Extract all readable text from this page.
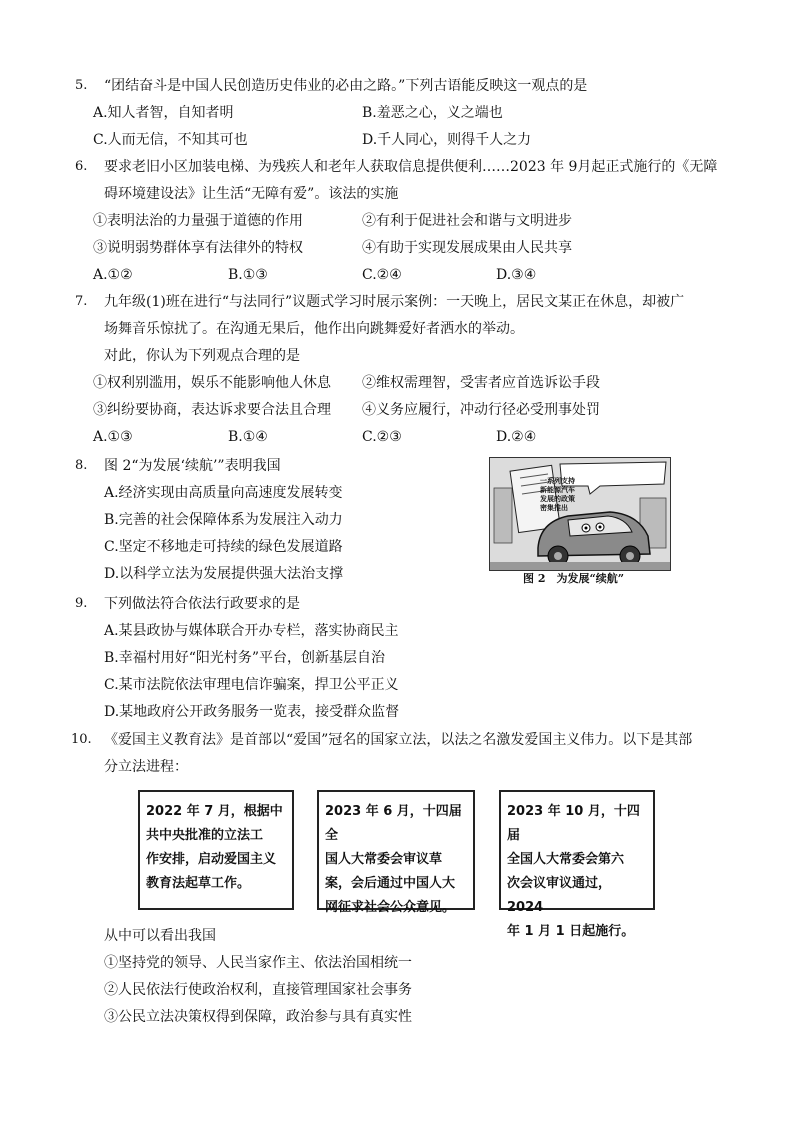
5. “团结奋斗是中国人民创造历史伟业的必由之路。”下列古语能反映这一观点的是
A.知人者智，自知者明	B.羞恶之心，义之端也
C.人而无信，不知其可也	D.千人同心，则得千人之力
6. 要求老旧小区加装电梯、为残疾人和老年人获取信息提供便利……2023 年 9月起正式施行的《无障
碍环境建设法》让生活“无障有爱”。该法的实施
①表明法治的力量强于道德的作用	②有利于促进社会和谐与文明进步
③说明弱势群体享有法律外的特权	④有助于实现发展成果由人民共享
A.①②	B.①③	C.②④	D.③④
7. 九年级(1)班在进行“与法同行”议题式学习时展示案例：一天晚上，居民文某正在休息，却被广
场舞音乐惊扰了。在沟通无果后，他作出向跳舞爱好者洒水的举动。
对此，你认为下列观点合理的是
①权利别滥用，娱乐不能影响他人休息 ②维权需理智，受害者应首选诉讼手段
③纠纷要协商，表达诉求要合法且合理 ④义务应履行，冲动行径必受刑事处罚
A.①③	B.①④	C.②③	D.②④
8. 图 2“为发展‘续航’”表明我国
A.经济实现由高质量向高速度发展转变
B.完善的社会保障体系为发展注入动力
C.坚定不移地走可持续的绿色发展道路
D.以科学立法为发展提供强大法治支撑
一系列支持新能源汽车发展的政策密集推出
图 2　为发展“续航”
9. 下列做法符合依法行政要求的是
A.某县政协与媒体联合开办专栏，落实协商民主
B.幸福村用好“阳光村务”平台，创新基层自治
C.某市法院依法审理电信诈骗案，捍卫公平正义
D.某地政府公开政务服务一览表，接受群众监督
10. 《爱国主义教育法》是首部以“爱国”冠名的国家立法，以法之名激发爱国主义伟力。以下是其部
分立法进程：
2022 年 7 月，根据中
共中央批准的立法工
作安排，启动爱国主义
教育法起草工作。
2023 年 6 月，十四届全
国人大常委会审议草
案，会后通过中国人大
网征求社会公众意见。
2023 年 10 月，十四届
全国人大常委会第六
次会议审议通过，2024
年 1 月 1 日起施行。
从中可以看出我国
①坚持党的领导、人民当家作主、依法治国相统一
②人民依法行使政治权利，直接管理国家社会事务
③公民立法决策权得到保障，政治参与具有真实性
